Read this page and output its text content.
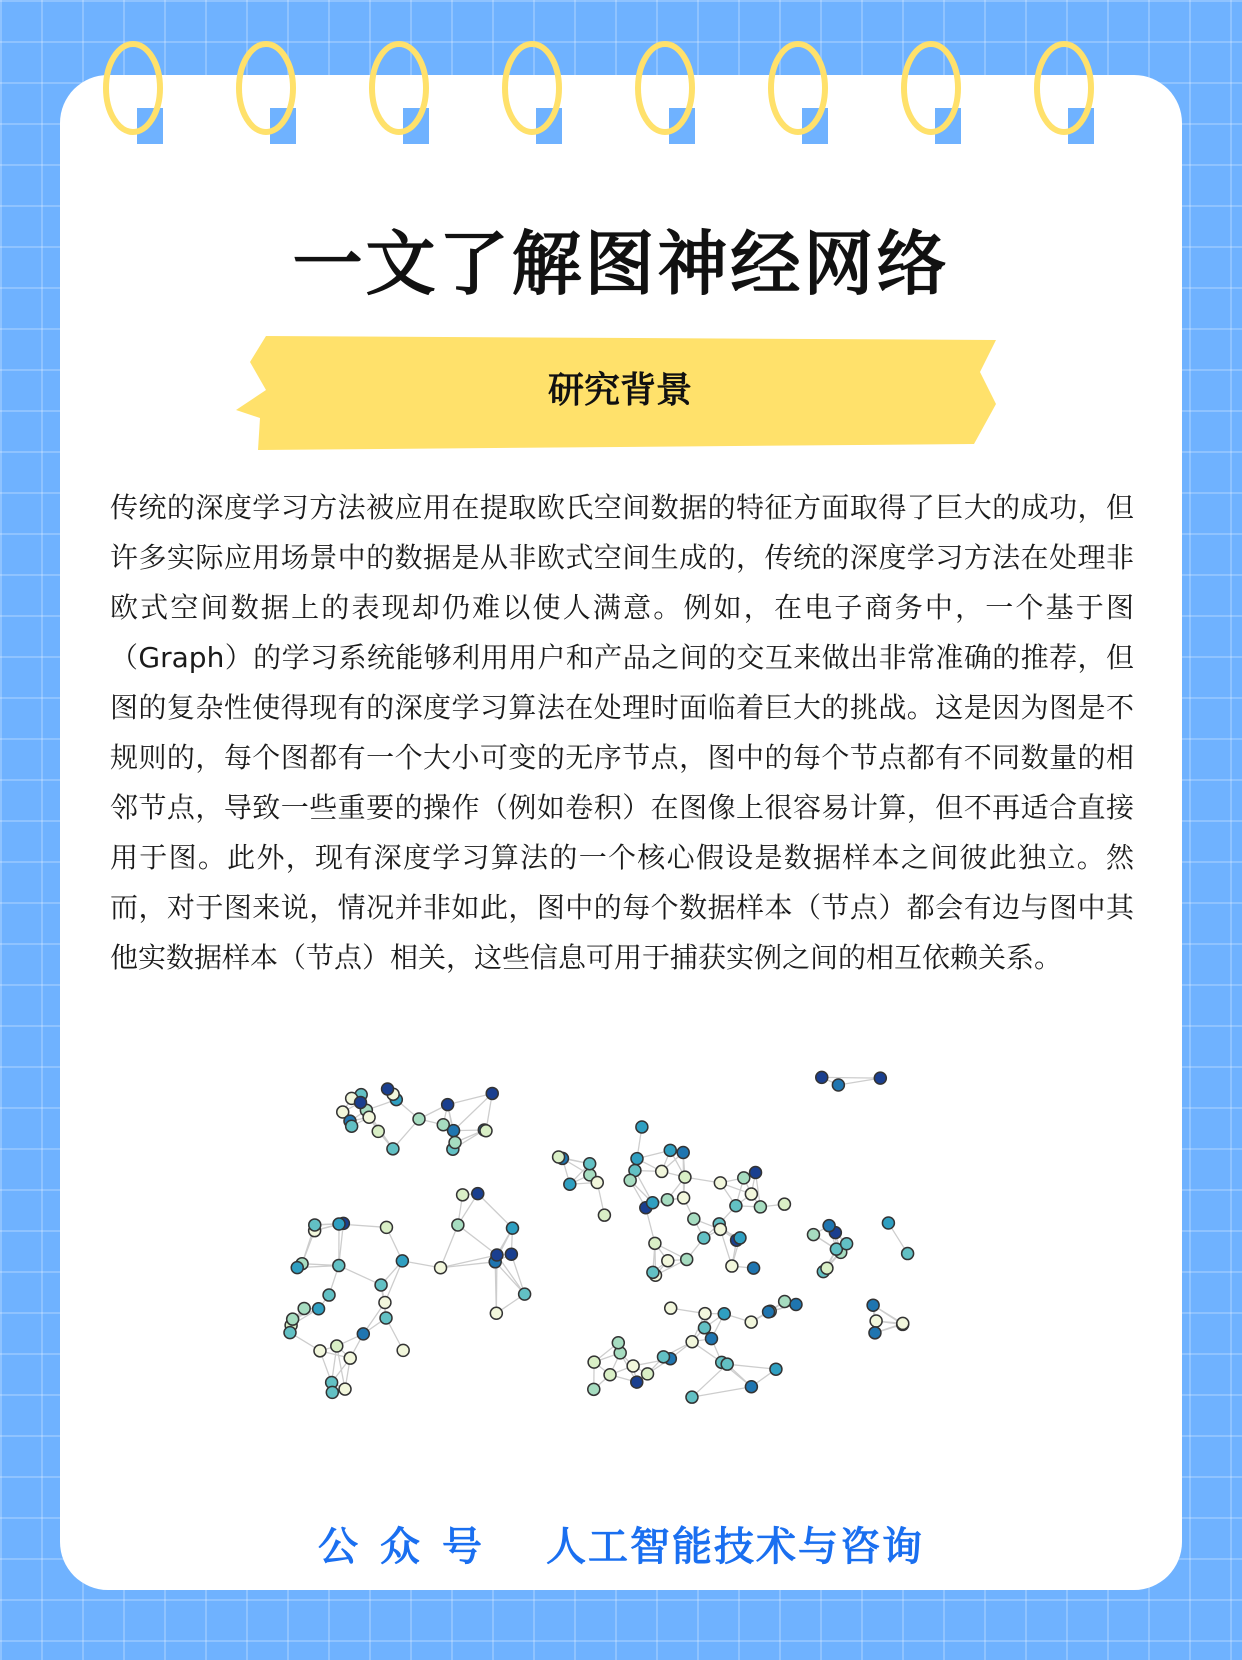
一文了解图神经网络
研究背景

传统的深度学习方法被应用在提取欧氏空间数据的特征方面取得了巨大的成功，但许多实际应用场景中的数据是从非欧式空间生成的，传统的深度学习方法在处理非欧式空间数据上的表现却仍难以使人满意。例如，在电子商务中，一个基于图（Graph）的学习系统能够利用用户和产品之间的交互来做出非常准确的推荐，但图的复杂性使得现有的深度学习算法在处理时面临着巨大的挑战。这是因为图是不规则的，每个图都有一个大小可变的无序节点，图中的每个节点都有不同数量的相邻节点，导致一些重要的操作（例如卷积）在图像上很容易计算，但不再适合直接用于图。此外，现有深度学习算法的一个核心假设是数据样本之间彼此独立。然而，对于图来说，情况并非如此，图中的每个数据样本（节点）都会有边与图中其他实数据样本（节点）相关，这些信息可用于捕获实例之间的相互依赖关系。

公众号 人工智能技术与咨询
